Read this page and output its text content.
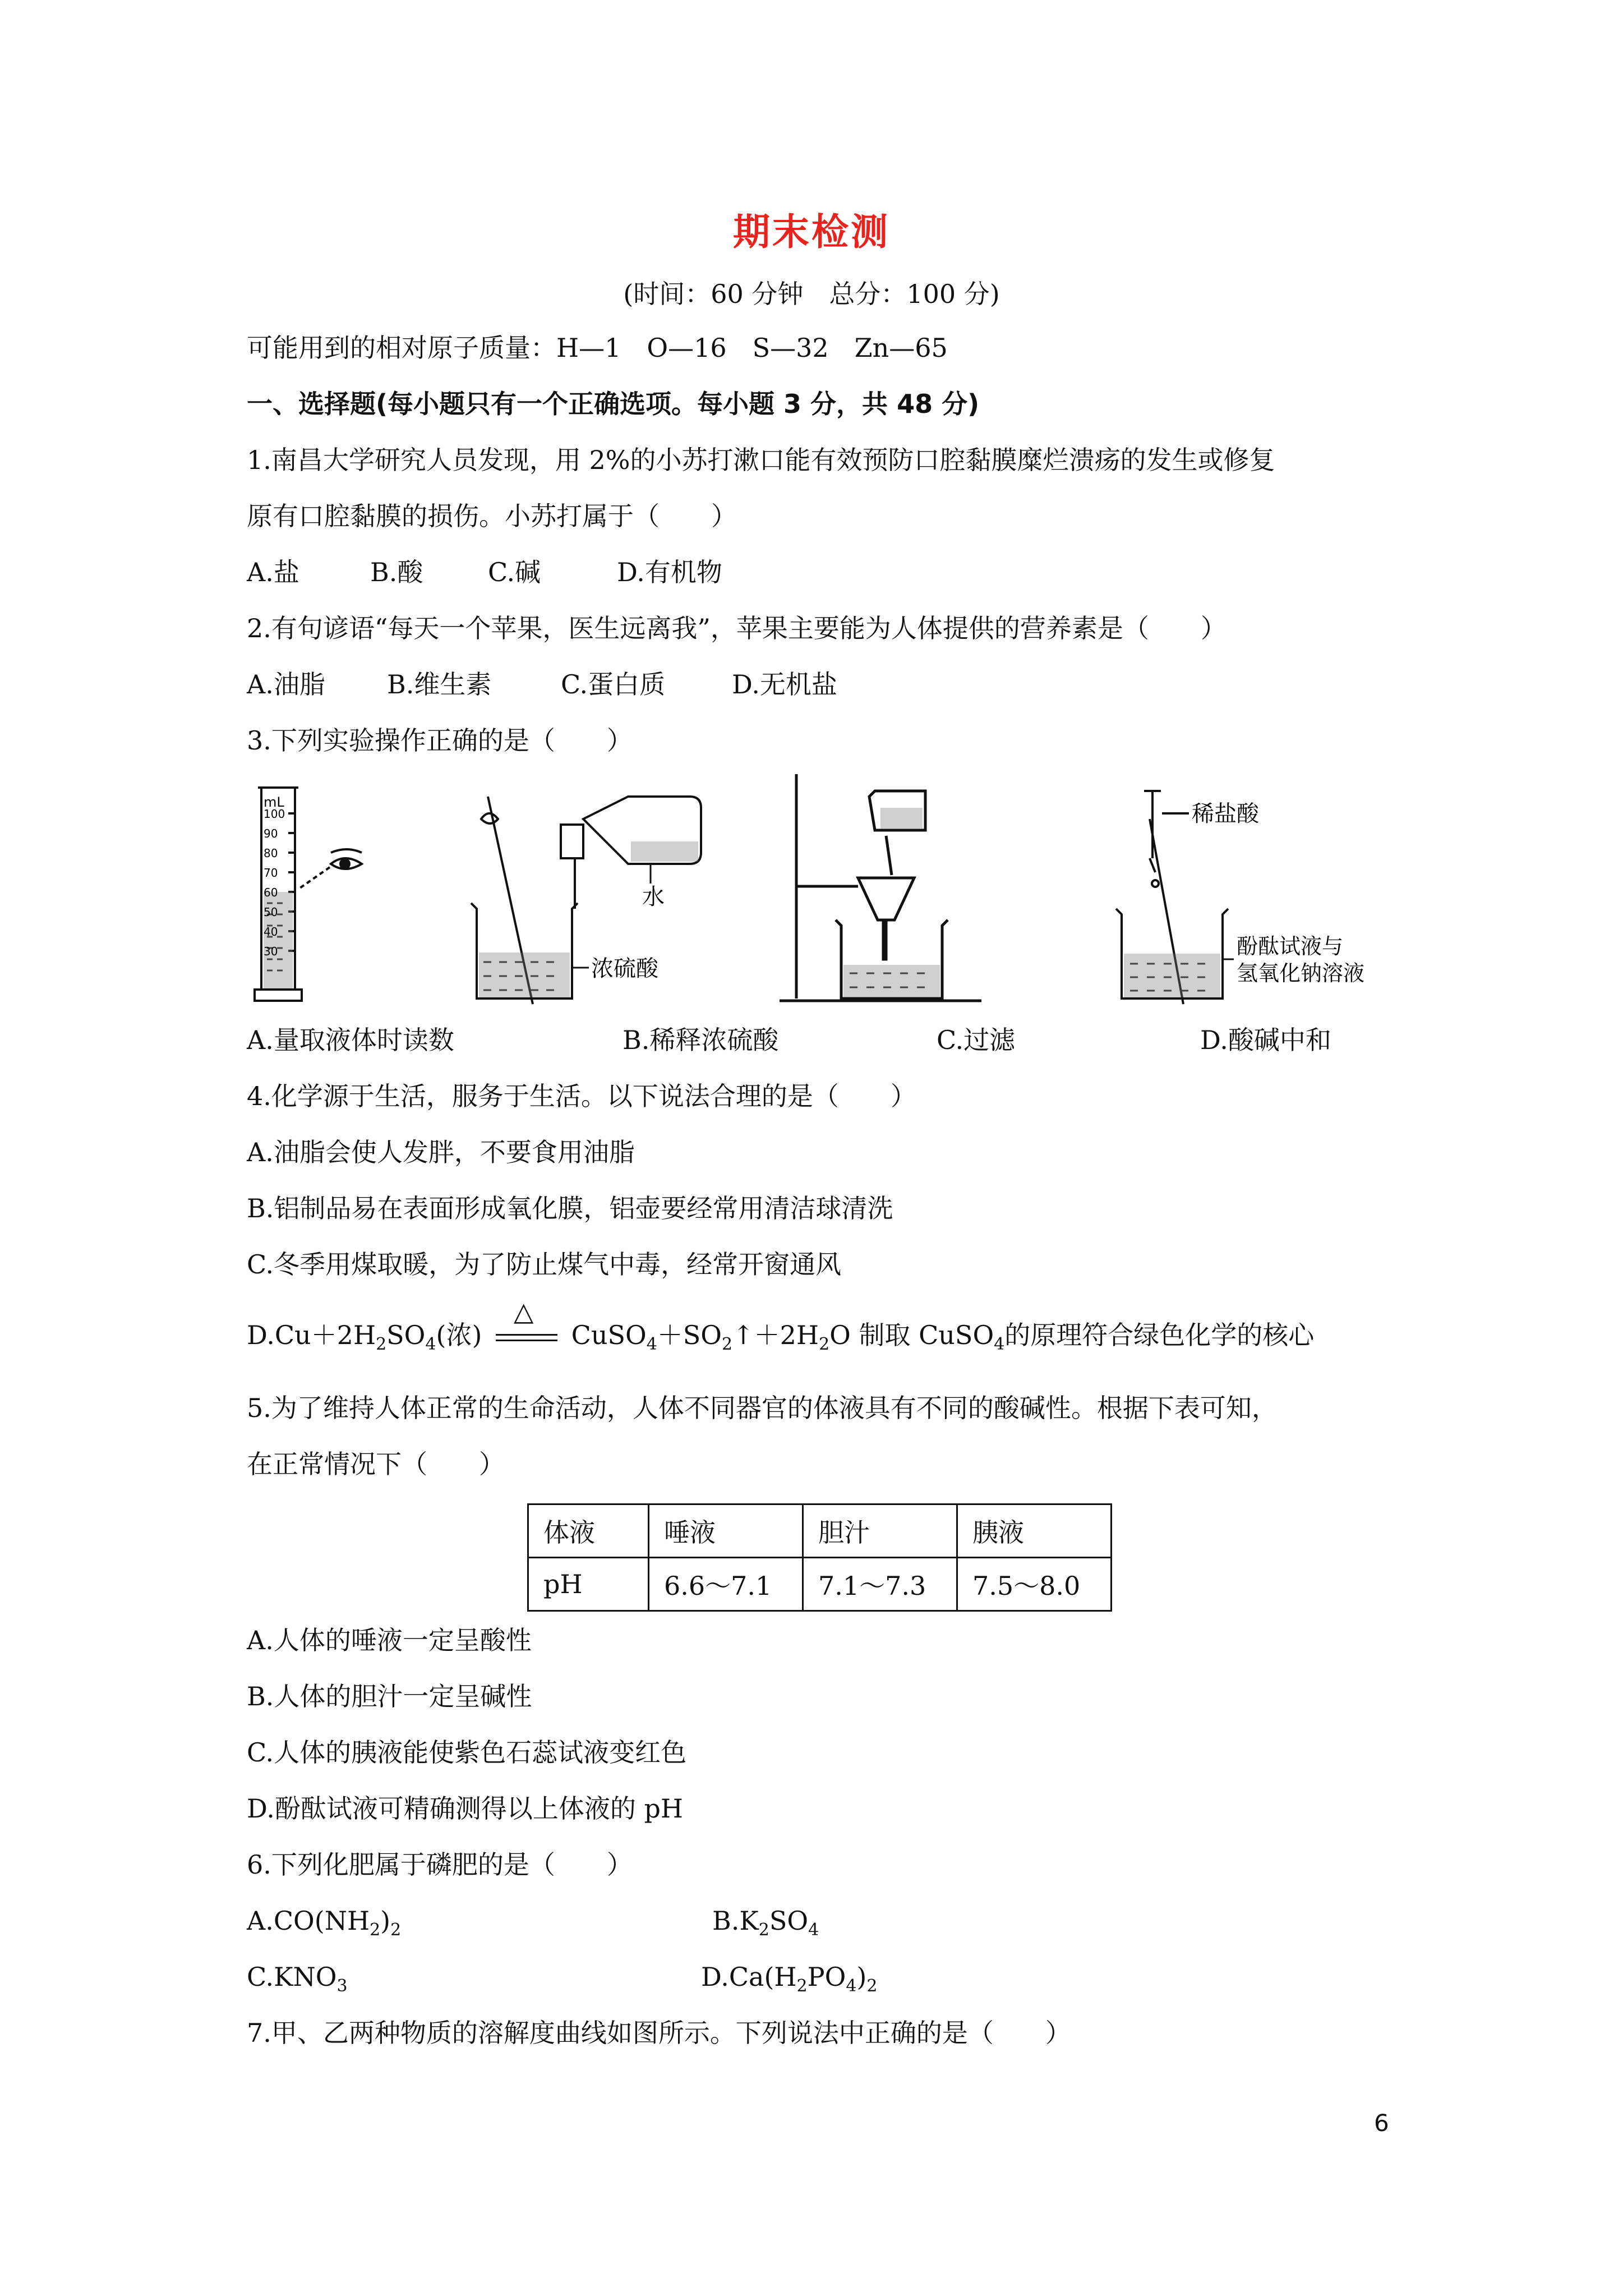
期末检测
(时间：60 分钟　总分：100 分)
可能用到的相对原子质量：H—1　O—16　S—32　Zn—65
一、选择题(每小题只有一个正确选项。每小题 3 分，共 48 分)
1.南昌大学研究人员发现，用 2%的小苏打漱口能有效预防口腔黏膜糜烂溃疡的发生或修复
原有口腔黏膜的损伤。小苏打属于（　　）
A.盐	B.酸	C.碱	D.有机物
2.有句谚语“每天一个苹果，医生远离我”，苹果主要能为人体提供的营养素是（　　）
A.油脂 B.维生素	C.蛋白质	D.无机盐
3.下列实验操作正确的是（　　）
mL
100
90
80
70
60
50
40
30
水
浓硫酸
稀盐酸
酚酞试液与
氢氧化钠溶液
A.量取液体时读数	B.稀释浓硫酸	C.过滤	D.酸碱中和
4.化学源于生活，服务于生活。以下说法合理的是（　　）
A.油脂会使人发胖，不要食用油脂
B.铝制品易在表面形成氧化膜，铝壶要经常用清洁球清洗
C.冬季用煤取暖，为了防止煤气中毒，经常开窗通风
$D.Cu+2H_2SO_4$(浓)
△
$CuSO_4+SO_2↑+2H_2O$ 制取 CuSO$_4$的原理符合绿色化学的核心
5.为了维持人体正常的生命活动，人体不同器官的体液具有不同的酸碱性。根据下表可知，
在正常情况下（　　）
体液	唾液	胆汁	胰液
pH	6.6～7.1	7.1～7.3	7.5～8.0
A.人体的唾液一定呈酸性
B.人体的胆汁一定呈碱性
C.人体的胰液能使紫色石蕊试液变红色
D.酚酞试液可精确测得以上体液的 pH
6.下列化肥属于磷肥的是（　　）
$A.CO(NH_2)_2$	$B.K_2SO_4$
$C.KNO_3$	$D.Ca(H_2PO_4)_2$
7.甲、乙两种物质的溶解度曲线如图所示。下列说法中正确的是（　　）
6
